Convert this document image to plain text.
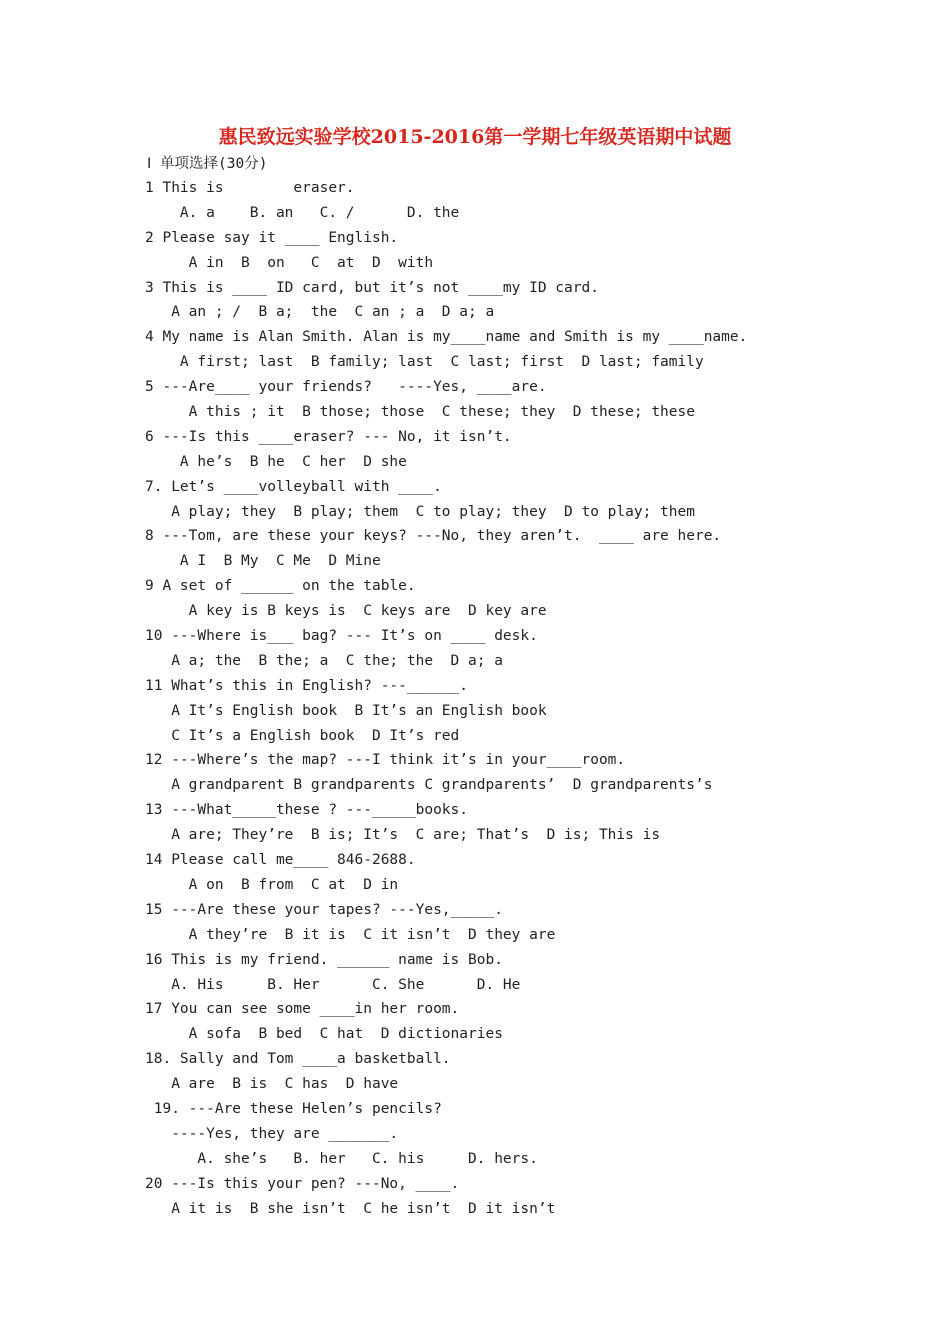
惠民致远实验学校2015-2016第一学期七年级英语期中试题
Ⅰ 单项选择(30分)
1 This is        eraser.
A. a    B. an   C. /      D. the
2 Please say it ____ English.
A in  B  on   C  at  D  with
3 This is ____ ID card, but it’s not ____my ID card.
A an ; /  B a;  the  C an ; a  D a; a
4 My name is Alan Smith. Alan is my____name and Smith is my ____name.
A first; last  B family; last  C last; first  D last; family
5 ---Are____ your friends?   ----Yes, ____are.
A this ; it  B those; those  C these; they  D these; these
6 ---Is this ____eraser? --- No, it isn’t.
A he’s  B he  C her  D she
7. Let’s ____volleyball with ____.
A play; they  B play; them  C to play; they  D to play; them
8 ---Tom, are these your keys? ---No, they aren’t.  ____ are here.
A I  B My  C Me  D Mine
9 A set of ______ on the table.
A key is B keys is  C keys are  D key are
10 ---Where is___ bag? --- It’s on ____ desk.
A a; the  B the; a  C the; the  D a; a
11 What’s this in English? ---______.
A It’s English book  B It’s an English book
C It’s a English book  D It’s red
12 ---Where’s the map? ---I think it’s in your____room.
A grandparent B grandparents C grandparents’  D grandparents’s
13 ---What_____these ? ---_____books.
A are; They’re  B is; It’s  C are; That’s  D is; This is
14 Please call me____ 846-2688.
A on  B from  C at  D in
15 ---Are these your tapes? ---Yes,_____.
A they’re  B it is  C it isn’t  D they are
16 This is my friend. ______ name is Bob.
A. His     B. Her      C. She      D. He
17 You can see some ____in her room.
A sofa  B bed  C hat  D dictionaries
18. Sally and Tom ____a basketball.
A are  B is  C has  D have
19. ---Are these Helen’s pencils?
----Yes, they are _______.
A. she’s   B. her   C. his     D. hers.
20 ---Is this your pen? ---No, ____.
A it is  B she isn’t  C he isn’t  D it isn’t
